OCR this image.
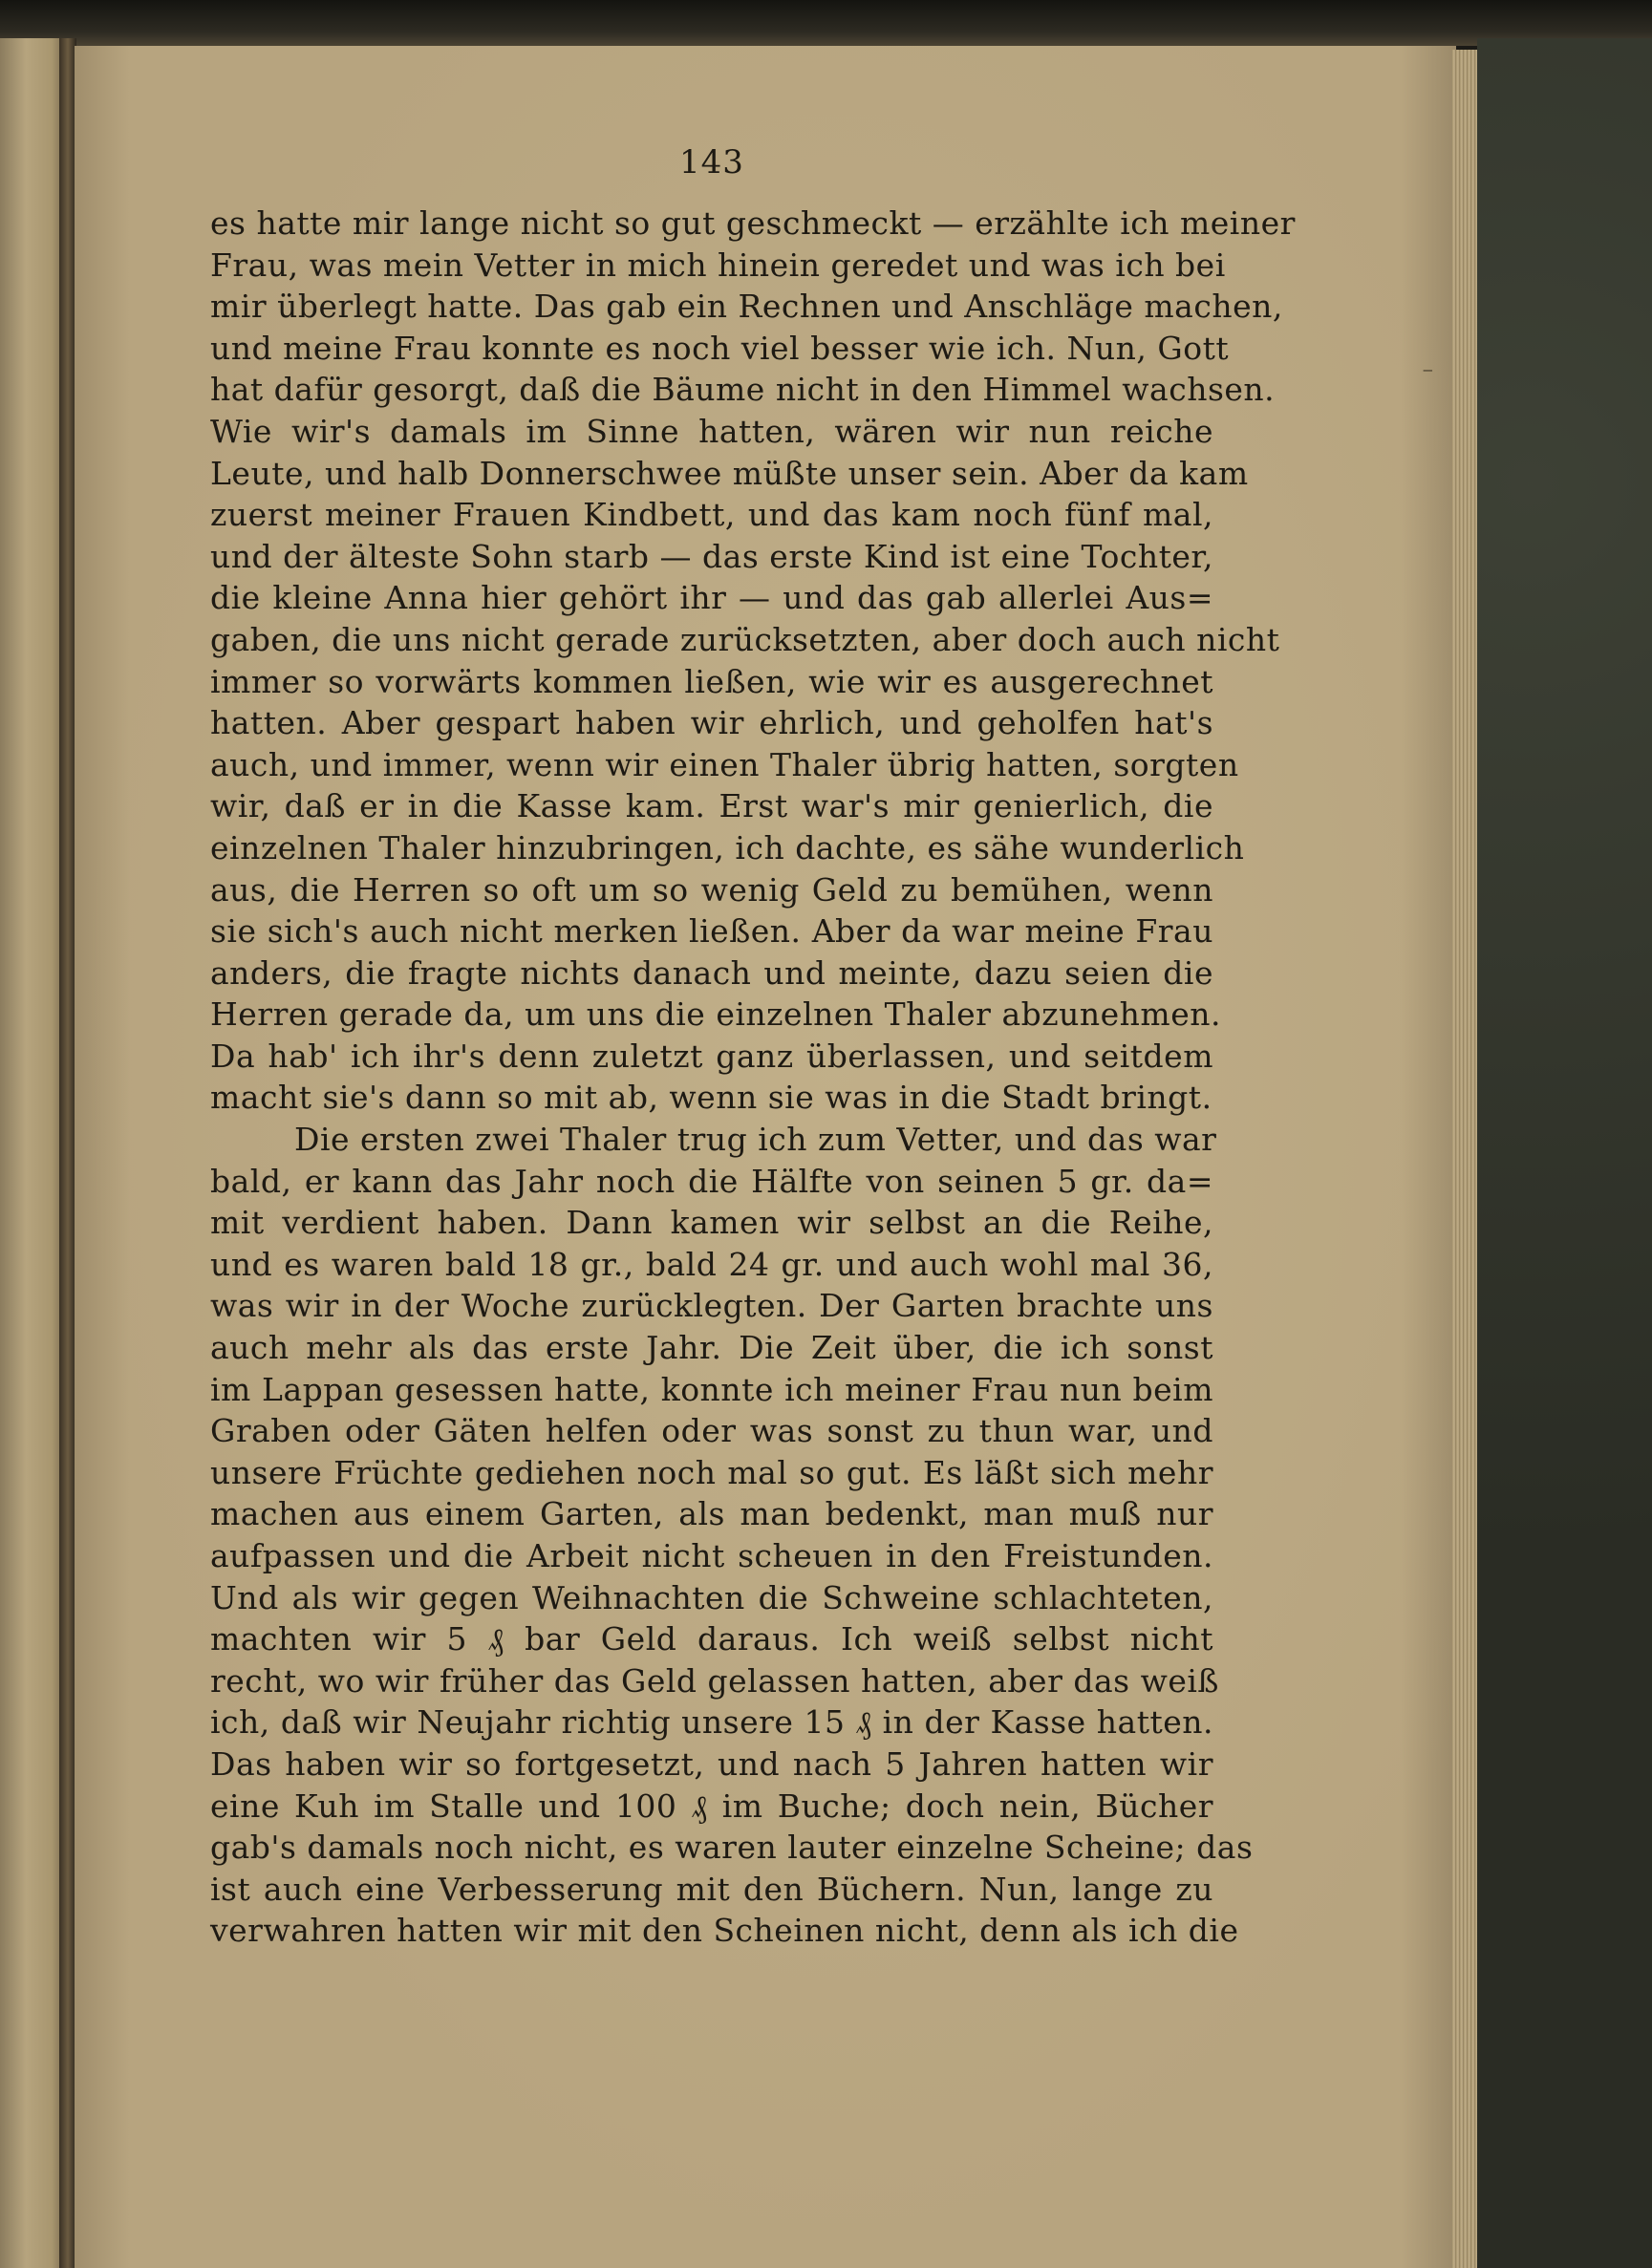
⁻
143
es hatte mir lange nicht so gut geschmeckt — erzählte ich meiner
Frau, was mein Vetter in mich hinein geredet und was ich bei
mir überlegt hatte. Das gab ein Rechnen und Anschläge machen,
und meine Frau konnte es noch viel besser wie ich. Nun, Gott
hat dafür gesorgt, daß die Bäume nicht in den Himmel wachsen.
Wie wir's damals im Sinne hatten, wären wir nun reiche
Leute, und halb Donnerschwee müßte unser sein. Aber da kam
zuerst meiner Frauen Kindbett, und das kam noch fünf mal,
und der älteste Sohn starb — das erste Kind ist eine Tochter,
die kleine Anna hier gehört ihr — und das gab allerlei Aus=
gaben, die uns nicht gerade zurücksetzten, aber doch auch nicht
immer so vorwärts kommen ließen, wie wir es ausgerechnet
hatten. Aber gespart haben wir ehrlich, und geholfen hat's
auch, und immer, wenn wir einen Thaler übrig hatten, sorgten
wir, daß er in die Kasse kam. Erst war's mir genierlich, die
einzelnen Thaler hinzubringen, ich dachte, es sähe wunderlich
aus, die Herren so oft um so wenig Geld zu bemühen, wenn
sie sich's auch nicht merken ließen. Aber da war meine Frau
anders, die fragte nichts danach und meinte, dazu seien die
Herren gerade da, um uns die einzelnen Thaler abzunehmen.
Da hab' ich ihr's denn zuletzt ganz überlassen, und seitdem
macht sie's dann so mit ab, wenn sie was in die Stadt bringt.
Die ersten zwei Thaler trug ich zum Vetter, und das war
bald, er kann das Jahr noch die Hälfte von seinen 5 gr. da=
mit verdient haben. Dann kamen wir selbst an die Reihe,
und es waren bald 18 gr., bald 24 gr. und auch wohl mal 36,
was wir in der Woche zurücklegten. Der Garten brachte uns
auch mehr als das erste Jahr. Die Zeit über, die ich sonst
im Lappan gesessen hatte, konnte ich meiner Frau nun beim
Graben oder Gäten helfen oder was sonst zu thun war, und
unsere Früchte gediehen noch mal so gut. Es läßt sich mehr
machen aus einem Garten, als man bedenkt, man muß nur
aufpassen und die Arbeit nicht scheuen in den Freistunden.
Und als wir gegen Weihnachten die Schweine schlachteten,
machten wir 5 ₰ bar Geld daraus. Ich weiß selbst nicht
recht, wo wir früher das Geld gelassen hatten, aber das weiß
ich, daß wir Neujahr richtig unsere 15 ₰ in der Kasse hatten.
Das haben wir so fortgesetzt, und nach 5 Jahren hatten wir
eine Kuh im Stalle und 100 ₰ im Buche; doch nein, Bücher
gab's damals noch nicht, es waren lauter einzelne Scheine; das
ist auch eine Verbesserung mit den Büchern. Nun, lange zu
verwahren hatten wir mit den Scheinen nicht, denn als ich die
